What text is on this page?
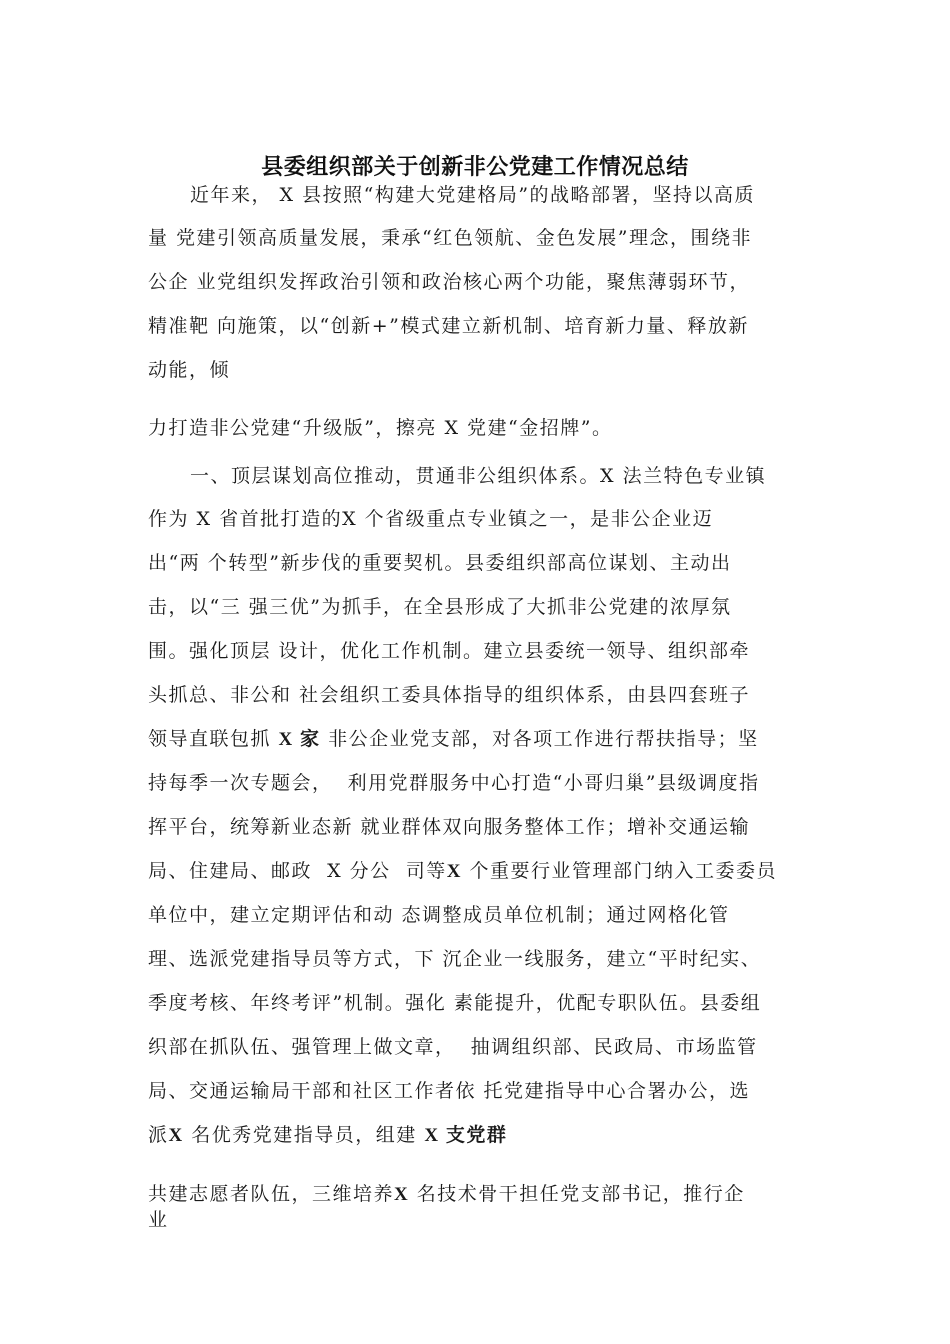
县委组织部关于创新非公党建工作情况总结
近年来， X 县按照“构建大党建格局”的战略部署，坚持以高质
量 党建引领高质量发展，秉承“红色领航、金色发展”理念，围绕非
公企 业党组织发挥政治引领和政治核心两个功能，聚焦薄弱环节，
精准靶 向施策，以“创新+”模式建立新机制、培育新力量、释放新
动能，倾
力打造非公党建“升级版”，擦亮 X 党建“金招牌”。
一、顶层谋划高位推动，贯通非公组织体系。X 法兰特色专业镇
作为 X 省首批打造的X 个省级重点专业镇之一，是非公企业迈
出“两 个转型”新步伐的重要契机。县委组织部高位谋划、主动出
击，以“三 强三优”为抓手，在全县形成了大抓非公党建的浓厚氛
围。强化顶层 设计，优化工作机制。建立县委统一领导、组织部牵
头抓总、非公和 社会组织工委具体指导的组织体系，由县四套班子
领导直联包抓 X 家 非公企业党支部，对各项工作进行帮扶指导；坚
持每季一次专题会，  利用党群服务中心打造“小哥归巢”县级调度指
挥平台，统筹新业态新 就业群体双向服务整体工作；增补交通运输
局、住建局、邮政  X 分公  司等X 个重要行业管理部门纳入工委委员
单位中，建立定期评估和动 态调整成员单位机制；通过网格化管
理、选派党建指导员等方式，下 沉企业一线服务，建立“平时纪实、
季度考核、年终考评”机制。强化 素能提升，优配专职队伍。县委组
织部在抓队伍、强管理上做文章，  抽调组织部、民政局、市场监管
局、交通运输局干部和社区工作者依 托党建指导中心合署办公，选
派X 名优秀党建指导员，组建 X 支党群
共建志愿者队伍，三维培养X 名技术骨干担任党支部书记，推行企
业
